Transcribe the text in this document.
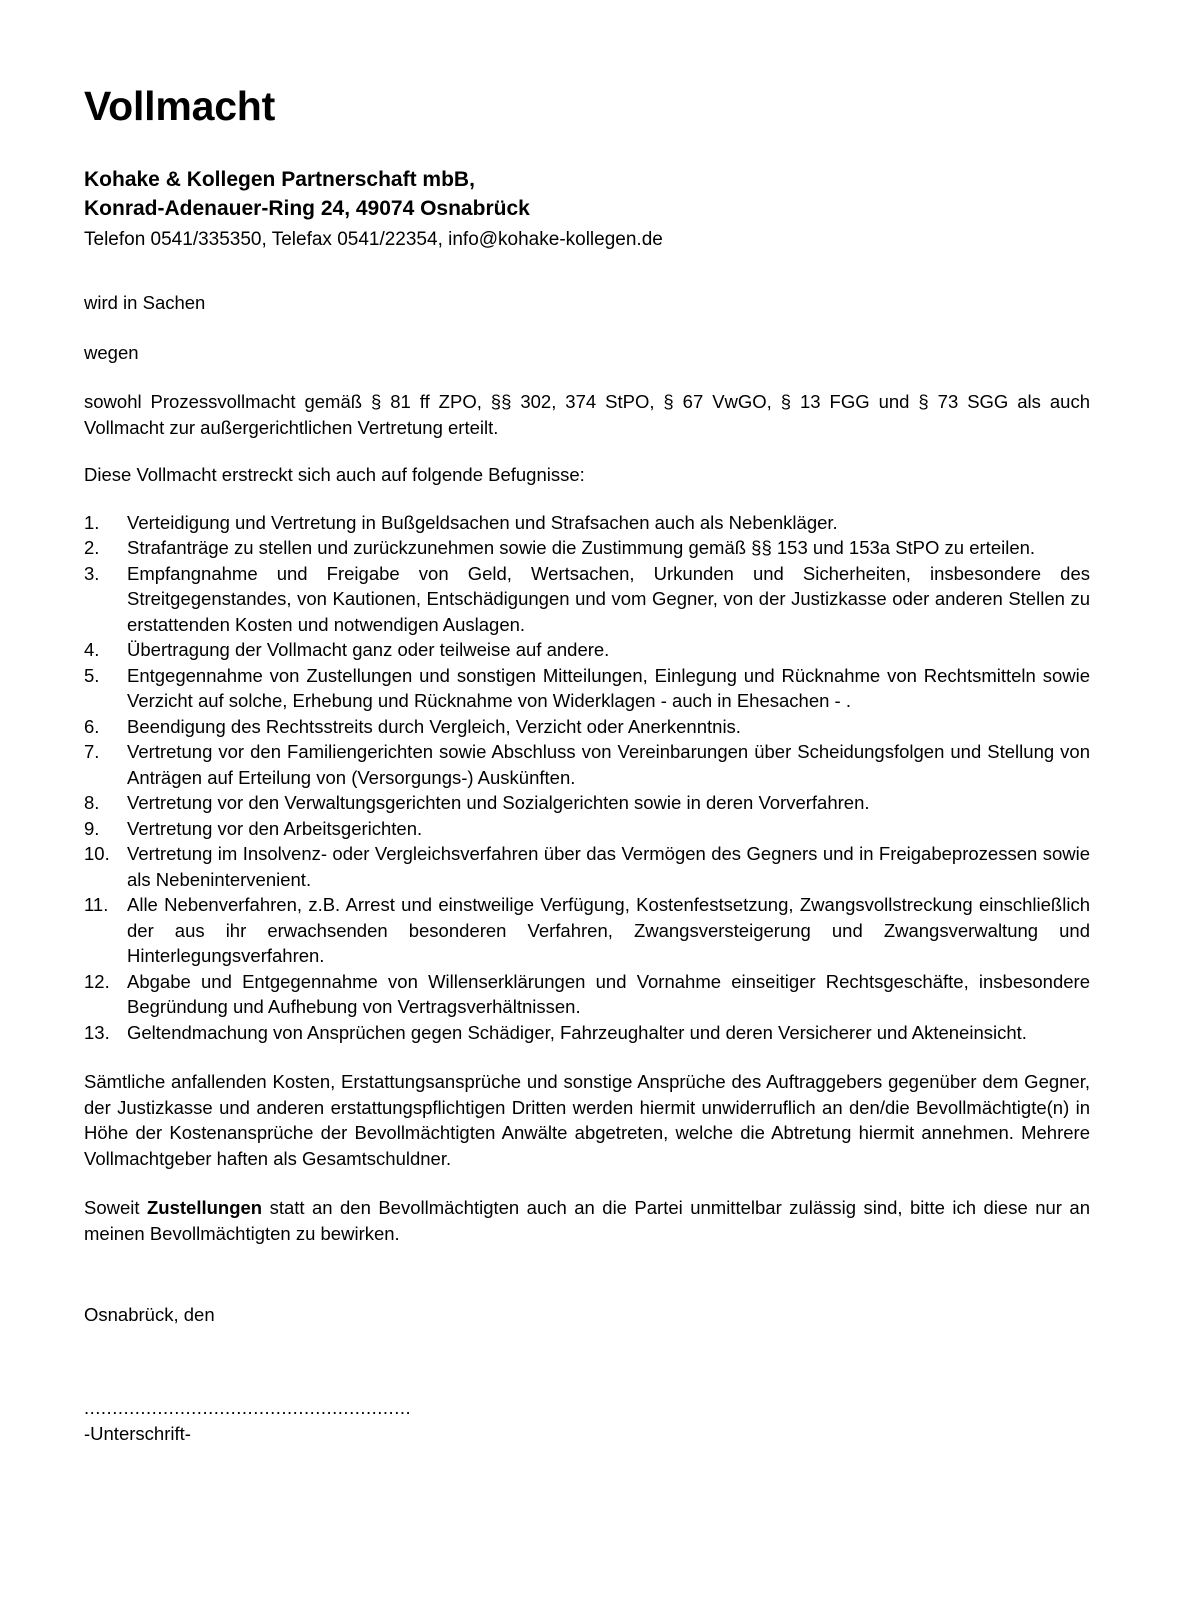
Vollmacht
Kohake & Kollegen Partnerschaft mbB,
Konrad-Adenauer-Ring 24, 49074 Osnabrück
Telefon 0541/335350, Telefax 0541/22354, info@kohake-kollegen.de

wird in Sachen

wegen

sowohl Prozessvollmacht gemäß § 81 ff ZPO, §§ 302, 374 StPO, § 67 VwGO, § 13 FGG und § 73 SGG als auch Vollmacht zur außergerichtlichen Vertretung erteilt.

Diese Vollmacht erstreckt sich auch auf folgende Befugnisse:

1.	Verteidigung und Vertretung in Bußgeldsachen und Strafsachen auch als Nebenkläger.
2.	Strafanträge zu stellen und zurückzunehmen sowie die Zustimmung gemäß §§ 153 und 153a StPO zu erteilen.
3.	Empfangnahme und Freigabe von Geld, Wertsachen, Urkunden und Sicherheiten, insbesondere des Streitgegenstandes, von Kautionen, Entschädigungen und vom Gegner, von der Justizkasse oder anderen Stellen zu erstattenden Kosten und notwendigen Auslagen.
4.	Übertragung der Vollmacht ganz oder teilweise auf andere.
5.	Entgegennahme von Zustellungen und sonstigen Mitteilungen, Einlegung und Rücknahme von Rechtsmitteln sowie Verzicht auf solche, Erhebung und Rücknahme von Widerklagen - auch in Ehesachen - .
6.	Beendigung des Rechtsstreits durch Vergleich, Verzicht oder Anerkenntnis.
7.	Vertretung vor den Familiengerichten sowie Abschluss von Vereinbarungen über Scheidungsfolgen und Stellung von Anträgen auf Erteilung von (Versorgungs-) Auskünften.
8.	Vertretung vor den Verwaltungsgerichten und Sozialgerichten sowie in deren Vorverfahren.
9.	Vertretung vor den Arbeitsgerichten.
10. Vertretung im Insolvenz- oder Vergleichsverfahren über das Vermögen des Gegners und in Freigabeprozessen sowie als Nebenintervenient.
11.	Alle Nebenverfahren, z.B. Arrest und einstweilige Verfügung, Kostenfestsetzung, Zwangsvollstreckung einschließlich der aus ihr erwachsenden besonderen Verfahren, Zwangsversteigerung und Zwangsverwaltung und Hinterlegungsverfahren.
12. Abgabe und Entgegennahme von Willenserklärungen und Vornahme einseitiger Rechtsgeschäfte, insbesondere Begründung und Aufhebung von Vertragsverhältnissen.
13. Geltendmachung von Ansprüchen gegen Schädiger, Fahrzeughalter und deren Versicherer und Akteneinsicht.

Sämtliche anfallenden Kosten, Erstattungsansprüche und sonstige Ansprüche des Auftraggebers gegenüber dem Gegner, der Justizkasse und anderen erstattungspflichtigen Dritten werden hiermit unwiderruflich an den/die Bevollmächtigte(n) in Höhe der Kostenansprüche der Bevollmächtigten Anwälte abgetreten, welche die Abtretung hiermit annehmen. Mehrere Vollmachtgeber haften als Gesamtschuldner.

Soweit Zustellungen statt an den Bevollmächtigten auch an die Partei unmittelbar zulässig sind, bitte ich diese nur an meinen Bevollmächtigten zu bewirken.

Osnabrück, den
..........................................................
-Unterschrift-
